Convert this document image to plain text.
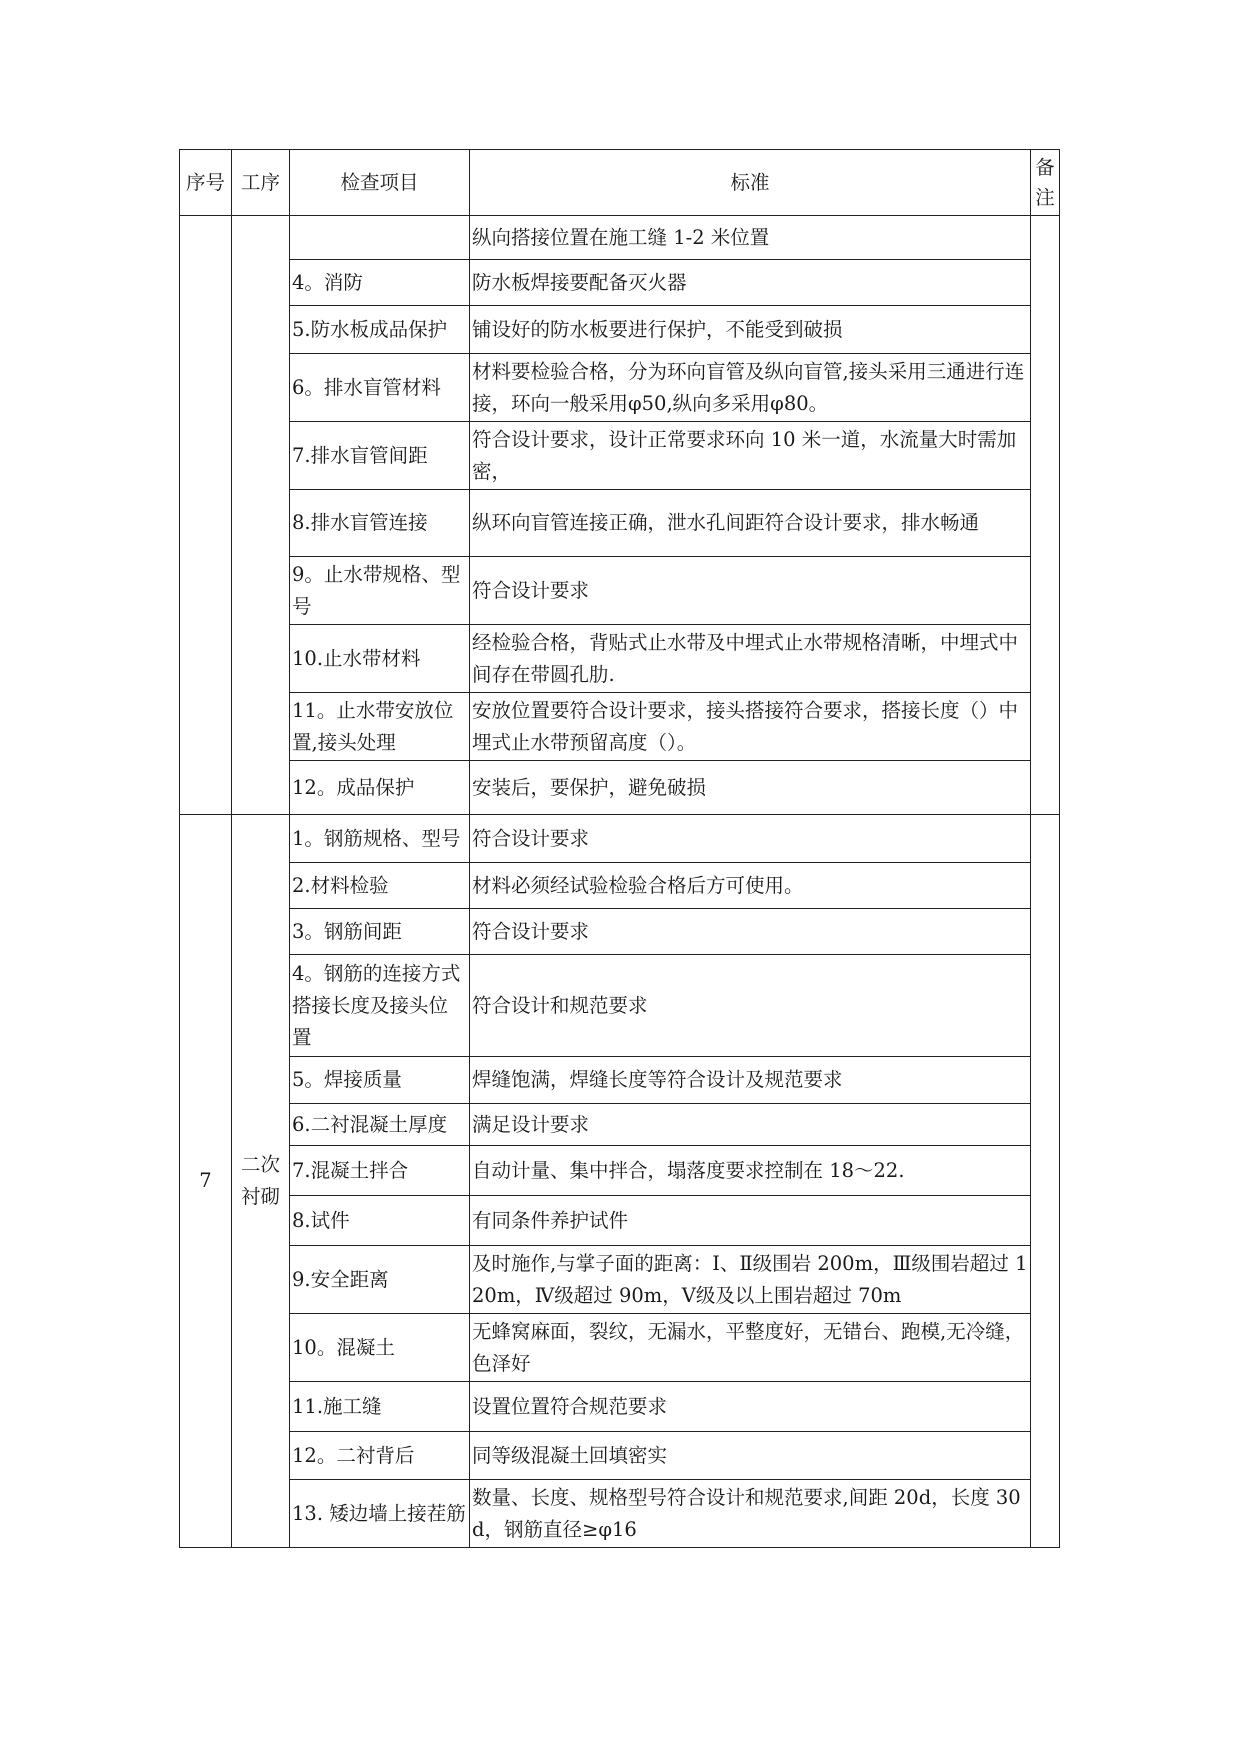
序号	工序	检查项目	标准	备注
			纵向搭接位置在施工缝 1-2 米位置	
		4。消防	防水板焊接要配备灭火器	
		5.防水板成品保护	铺设好的防水板要进行保护，不能受到破损	
		6。排水盲管材料	材料要检验合格，分为环向盲管及纵向盲管,接头采用三通进行连接，环向一般采用φ50,纵向多采用φ80。	
		7.排水盲管间距	符合设计要求，设计正常要求环向 10 米一道，水流量大时需加密，	
		8.排水盲管连接	纵环向盲管连接正确，泄水孔间距符合设计要求，排水畅通	
		9。止水带规格、型号	符合设计要求	
		10.止水带材料	经检验合格，背贴式止水带及中埋式止水带规格清晰，中埋式中间存在带圆孔肋.	
		11。止水带安放位置,接头处理	安放位置要符合设计要求，接头搭接符合要求，搭接长度（）中埋式止水带预留高度（）。	
		12。成品保护	安装后，要保护，避免破损	
7	二次衬砌	1。钢筋规格、型号	符合设计要求	
		2.材料检验	材料必须经试验检验合格后方可使用。	
		3。钢筋间距	符合设计要求	
		4。钢筋的连接方式搭接长度及接头位置	符合设计和规范要求	
		5。焊接质量	焊缝饱满，焊缝长度等符合设计及规范要求	
		6.二衬混凝土厚度	满足设计要求	
		7.混凝土拌合	自动计量、集中拌合，塌落度要求控制在 18～22.	
		8.试件	有同条件养护试件	
		9.安全距离	及时施作,与掌子面的距离：Ⅰ、Ⅱ级围岩 200m，Ⅲ级围岩超过 120m，Ⅳ级超过 90m，Ⅴ级及以上围岩超过 70m	
		10。混凝土	无蜂窝麻面，裂纹，无漏水，平整度好，无错台、跑模,无冷缝，色泽好	
		11.施工缝	设置位置符合规范要求	
		12。二衬背后	同等级混凝土回填密实	
		13. 矮边墙上接茬筋	数量、长度、规格型号符合设计和规范要求,间距 20d，长度 30d，钢筋直径≥φ16	
